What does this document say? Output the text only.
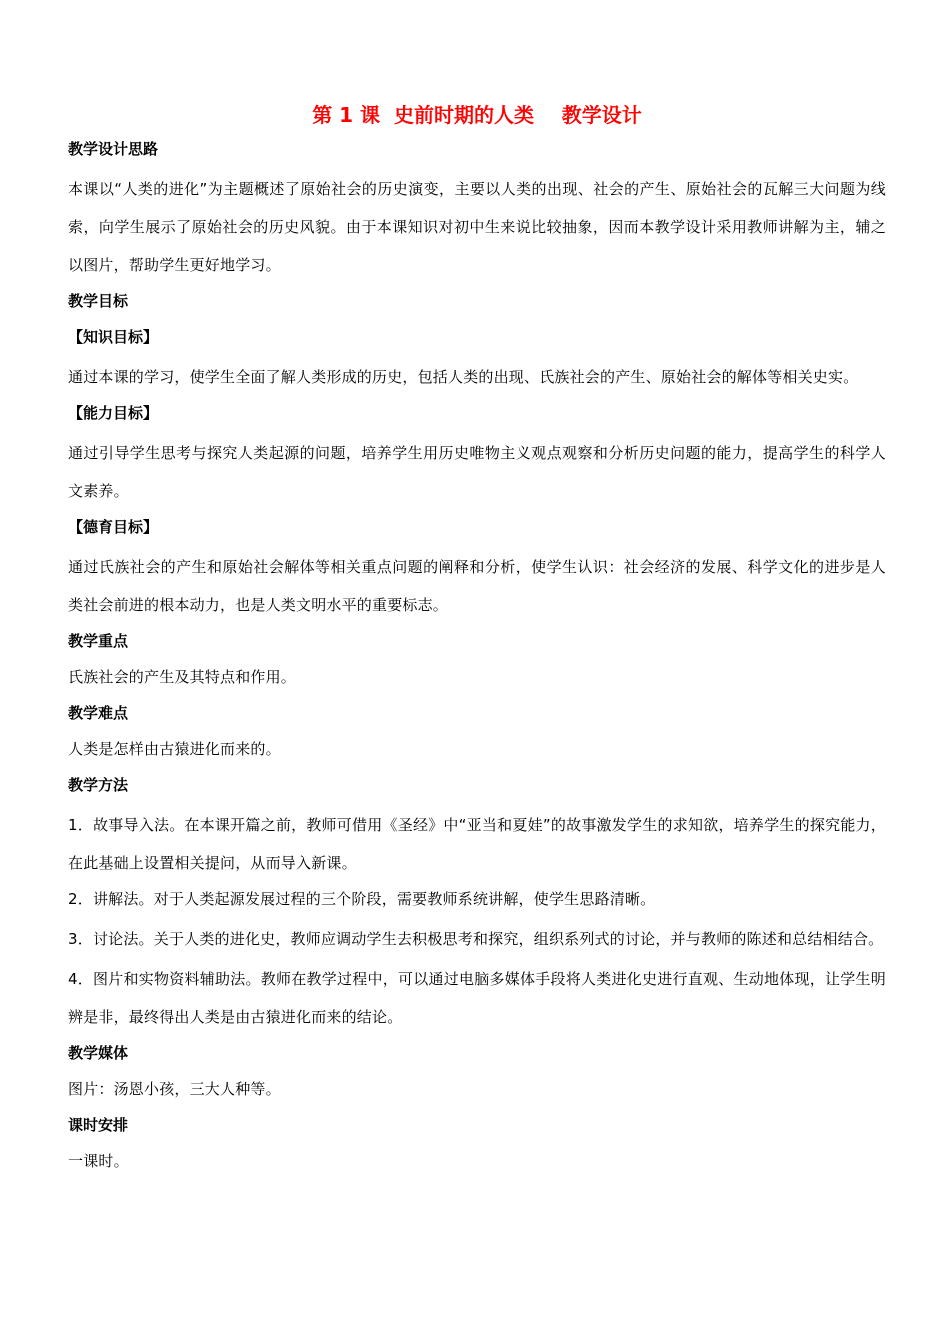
第 1 课  史前时期的人类    教学设计
教学设计思路
本课以“人类的进化”为主题概述了原始社会的历史演变，主要以人类的出现、社会的产生、原始社会的瓦解三大问题为线索，向学生展示了原始社会的历史风貌。由于本课知识对初中生来说比较抽象，因而本教学设计采用教师讲解为主，辅之以图片，帮助学生更好地学习。
教学目标
【知识目标】
通过本课的学习，使学生全面了解人类形成的历史，包括人类的出现、氏族社会的产生、原始社会的解体等相关史实。
【能力目标】
通过引导学生思考与探究人类起源的问题，培养学生用历史唯物主义观点观察和分析历史问题的能力，提高学生的科学人文素养。
【德育目标】
通过氏族社会的产生和原始社会解体等相关重点问题的阐释和分析，使学生认识：社会经济的发展、科学文化的进步是人类社会前进的根本动力，也是人类文明水平的重要标志。
教学重点
氏族社会的产生及其特点和作用。
教学难点
人类是怎样由古猿进化而来的。
教学方法
1．故事导入法。在本课开篇之前，教师可借用《圣经》中“亚当和夏娃”的故事激发学生的求知欲，培养学生的探究能力，在此基础上设置相关提问，从而导入新课。
2．讲解法。对于人类起源发展过程的三个阶段，需要教师系统讲解，使学生思路清晰。
3．讨论法。关于人类的进化史，教师应调动学生去积极思考和探究，组织系列式的讨论，并与教师的陈述和总结相结合。
4．图片和实物资料辅助法。教师在教学过程中，可以通过电脑多媒体手段将人类进化史进行直观、生动地体现，让学生明辨是非，最终得出人类是由古猿进化而来的结论。
教学媒体
图片：汤恩小孩，三大人种等。
课时安排
一课时。
